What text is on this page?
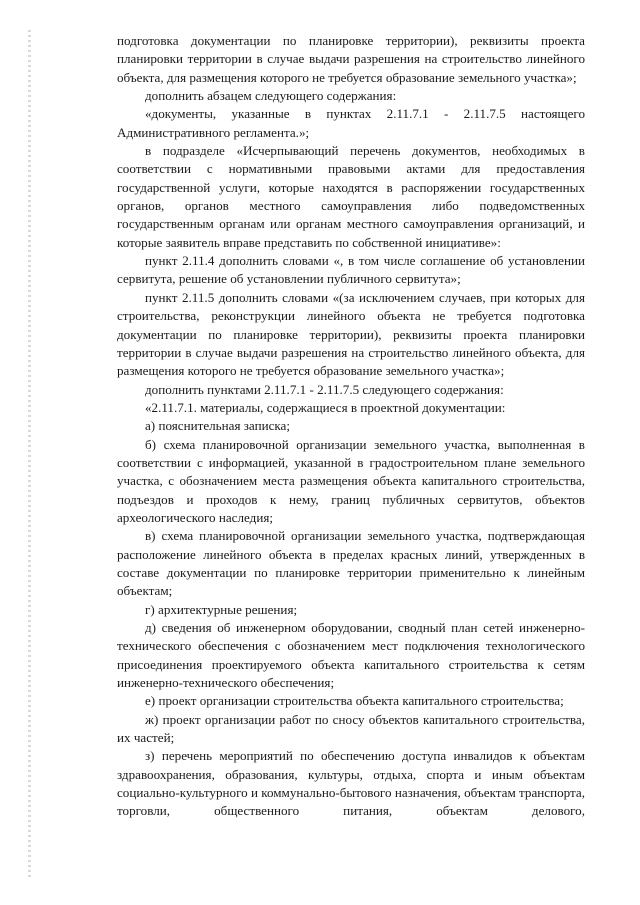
подготовка документации по планировке территории), реквизиты проекта планировки территории в случае выдачи разрешения на строительство линейного объекта, для размещения которого не требуется образование земельного участка»;

дополнить абзацем следующего содержания:

«документы, указанные в пунктах 2.11.7.1 - 2.11.7.5 настоящего Административного регламента.»;

в подразделе «Исчерпывающий перечень документов, необходимых в соответствии с нормативными правовыми актами для предоставления государственной услуги, которые находятся в распоряжении государственных органов, органов местного самоуправления либо подведомственных государственным органам или органам местного самоуправления организаций, и которые заявитель вправе представить по собственной инициативе»:

пункт 2.11.4 дополнить словами «, в том числе соглашение об установлении сервитута, решение об установлении публичного сервитута»;

пункт 2.11.5 дополнить словами «(за исключением случаев, при которых для строительства, реконструкции линейного объекта не требуется подготовка документации по планировке территории), реквизиты проекта планировки территории в случае выдачи разрешения на строительство линейного объекта, для размещения которого не требуется образование земельного участка»;

дополнить пунктами 2.11.7.1 - 2.11.7.5 следующего содержания:

«2.11.7.1. материалы, содержащиеся в проектной документации:

а) пояснительная записка;

б) схема планировочной организации земельного участка, выполненная в соответствии с информацией, указанной в градостроительном плане земельного участка, с обозначением места размещения объекта капитального строительства, подъездов и проходов к нему, границ публичных сервитутов, объектов археологического наследия;

в) схема планировочной организации земельного участка, подтверждающая расположение линейного объекта в пределах красных линий, утвержденных в составе документации по планировке территории применительно к линейным объектам;

г) архитектурные решения;

д) сведения об инженерном оборудовании, сводный план сетей инженерно-технического обеспечения с обозначением мест подключения технологического присоединения проектируемого объекта капитального строительства к сетям инженерно-технического обеспечения;

е) проект организации строительства объекта капитального строительства;

ж) проект организации работ по сносу объектов капитального строительства, их частей;

з) перечень мероприятий по обеспечению доступа инвалидов к объектам здравоохранения, образования, культуры, отдыха, спорта и иным объектам социально-культурного и коммунально-бытового назначения, объектам транспорта, торговли, общественного питания, объектам делового,
